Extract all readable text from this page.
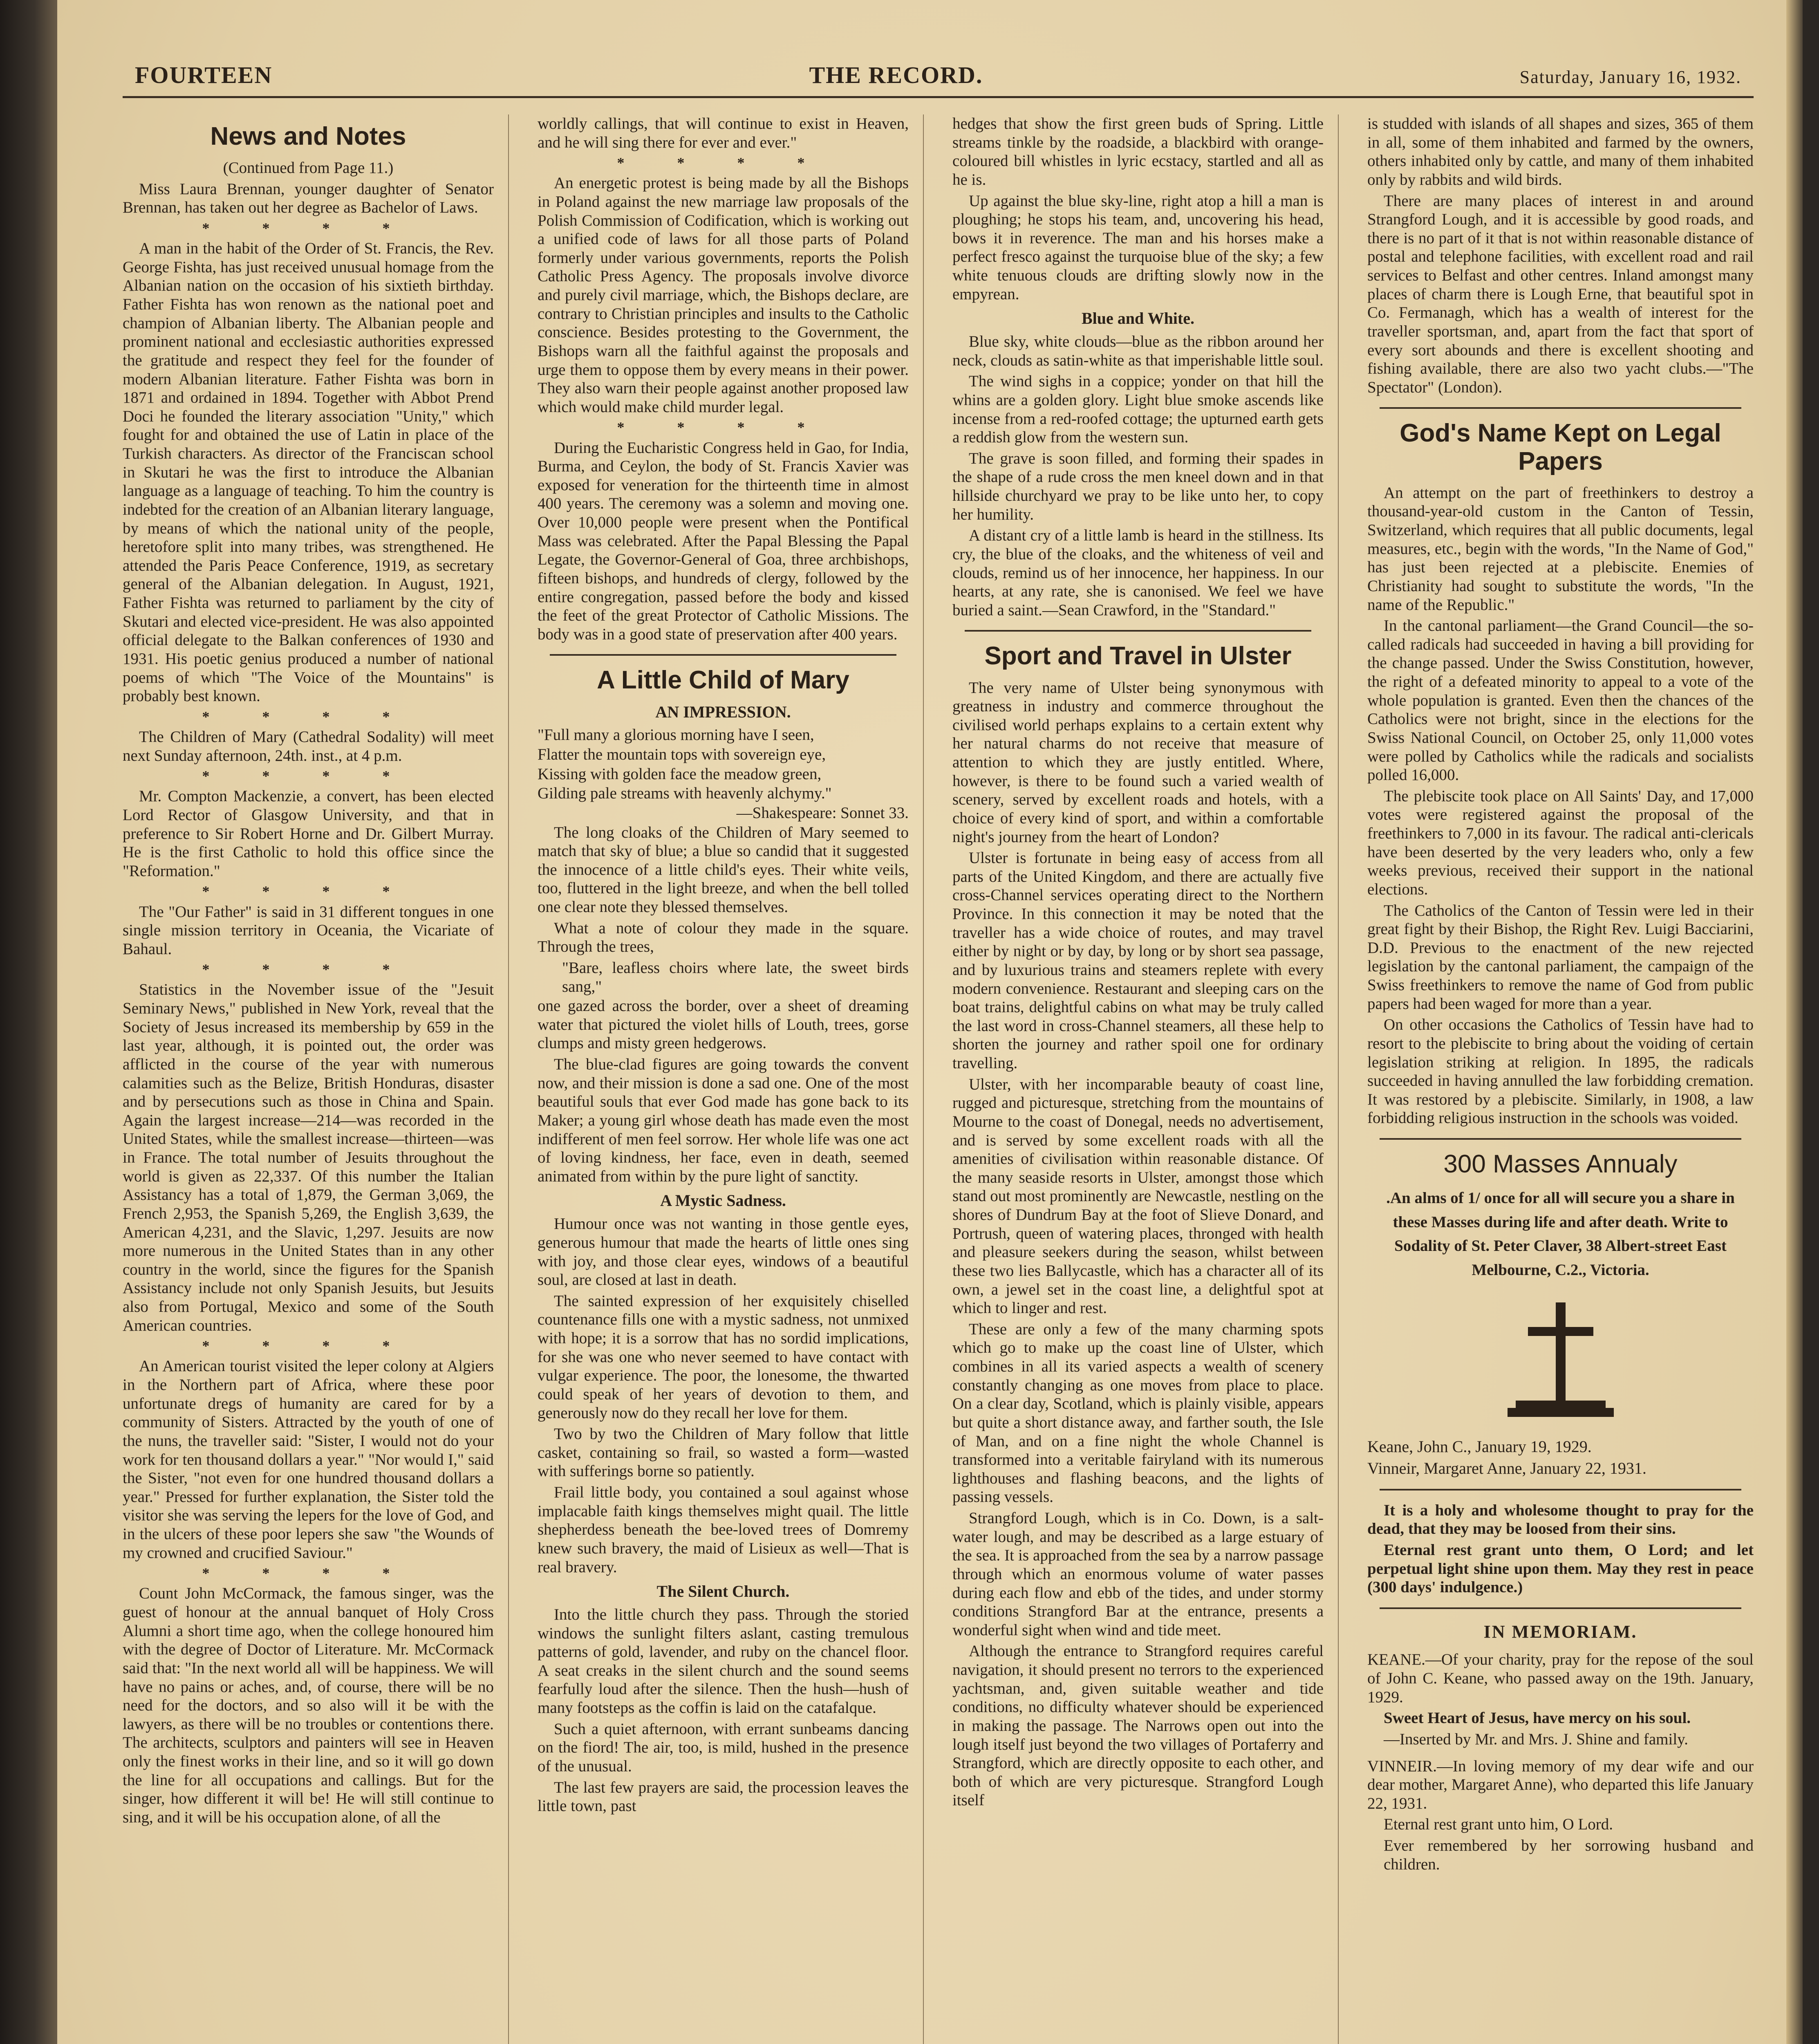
FOURTEEN	THE RECORD.	Saturday, January 16, 1932.
News and Notes

(Continued from Page 11.)

Miss Laura Brennan, younger daughter of Senator Brennan, has taken out her degree as Bachelor of Laws.

* * * *

A man in the habit of the Order of St. Francis, the Rev. George Fishta, has just received unusual homage from the Albanian nation on the occasion of his sixtieth birthday. Father Fishta has won renown as the national poet and champion of Albanian liberty. The Albanian people and prominent national and ecclesiastic authorities expressed the gratitude and respect they feel for the founder of modern Albanian literature. Father Fishta was born in 1871 and ordained in 1894. Together with Abbot Prend Doci he founded the literary association "Unity," which fought for and obtained the use of Latin in place of the Turkish characters. As director of the Franciscan school in Skutari he was the first to introduce the Albanian language as a language of teaching. To him the country is indebted for the creation of an Albanian literary language, by means of which the national unity of the people, heretofore split into many tribes, was strengthened. He attended the Paris Peace Conference, 1919, as secretary general of the Albanian delegation. In August, 1921, Father Fishta was returned to parliament by the city of Skutari and elected vice-president. He was also appointed official delegate to the Balkan conferences of 1930 and 1931. His poetic genius produced a number of national poems of which "The Voice of the Mountains" is probably best known.

* * * *

The Children of Mary (Cathedral Sodality) will meet next Sunday afternoon, 24th. inst., at 4 p.m.

* * * *

Mr. Compton Mackenzie, a convert, has been elected Lord Rector of Glasgow University, and that in preference to Sir Robert Horne and Dr. Gilbert Murray. He is the first Catholic to hold this office since the "Reformation."

* * * *

The "Our Father" is said in 31 different tongues in one single mission territory in Oceania, the Vicariate of Bahaul.

* * * *

Statistics in the November issue of the "Jesuit Seminary News," published in New York, reveal that the Society of Jesus increased its membership by 659 in the last year, although, it is pointed out, the order was afflicted in the course of the year with numerous calamities such as the Belize, British Honduras, disaster and by persecutions such as those in China and Spain. Again the largest increase—214—was recorded in the United States, while the smallest increase—thirteen—was in France. The total number of Jesuits throughout the world is given as 22,337. Of this number the Italian Assistancy has a total of 1,879, the German 3,069, the French 2,953, the Spanish 5,269, the English 3,639, the American 4,231, and the Slavic, 1,297. Jesuits are now more numerous in the United States than in any other country in the world, since the figures for the Spanish Assistancy include not only Spanish Jesuits, but Jesuits also from Portugal, Mexico and some of the South American countries.

* * * *

An American tourist visited the leper colony at Algiers in the Northern part of Africa, where these poor unfortunate dregs of humanity are cared for by a community of Sisters. Attracted by the youth of one of the nuns, the traveller said: "Sister, I would not do your work for ten thousand dollars a year." "Nor would I," said the Sister, "not even for one hundred thousand dollars a year." Pressed for further explanation, the Sister told the visitor she was serving the lepers for the love of God, and in the ulcers of these poor lepers she saw "the Wounds of my crowned and crucified Saviour."

* * * *

Count John McCormack, the famous singer, was the guest of honour at the annual banquet of Holy Cross Alumni a short time ago, when the college honoured him with the degree of Doctor of Literature. Mr. McCormack said that: "In the next world all will be happiness. We will have no pains or aches, and, of course, there will be no need for the doctors, and so also will it be with the lawyers, as there will be no troubles or contentions there. The architects, sculptors and painters will see in Heaven only the finest works in their line, and so it will go down the line for all occupations and callings. But for the singer, how different it will be! He will still continue to sing, and it will be his occupation alone, of all the

worldly callings, that will continue to exist in Heaven, and he will sing there for ever and ever."

* * * *

An energetic protest is being made by all the Bishops in Poland against the new marriage law proposals of the Polish Commission of Codification, which is working out a unified code of laws for all those parts of Poland formerly under various governments, reports the Polish Catholic Press Agency. The proposals involve divorce and purely civil marriage, which, the Bishops declare, are contrary to Christian principles and insults to the Catholic conscience. Besides protesting to the Government, the Bishops warn all the faithful against the proposals and urge them to oppose them by every means in their power. They also warn their people against another proposed law which would make child murder legal.

* * * *

During the Eucharistic Congress held in Gao, for India, Burma, and Ceylon, the body of St. Francis Xavier was exposed for veneration for the thirteenth time in almost 400 years. The ceremony was a solemn and moving one. Over 10,000 people were present when the Pontifical Mass was celebrated. After the Papal Blessing the Papal Legate, the Governor-General of Goa, three archbishops, fifteen bishops, and hundreds of clergy, followed by the entire congregation, passed before the body and kissed the feet of the great Protector of Catholic Missions. The body was in a good state of preservation after 400 years.

A Little Child of Mary
AN IMPRESSION.

"Full many a glorious morning have I seen,

Flatter the mountain tops with sovereign eye,

Kissing with golden face the meadow green,

Gilding pale streams with heavenly alchymy."

—Shakespeare: Sonnet 33.

The long cloaks of the Children of Mary seemed to match that sky of blue; a blue so candid that it suggested the innocence of a little child's eyes. Their white veils, too, fluttered in the light breeze, and when the bell tolled one clear note they blessed themselves.

What a note of colour they made in the square. Through the trees,

"Bare, leafless choirs where late, the sweet birds sang,"

one gazed across the border, over a sheet of dreaming water that pictured the violet hills of Louth, trees, gorse clumps and misty green hedgerows.

The blue-clad figures are going towards the convent now, and their mission is done a sad one. One of the most beautiful souls that ever God made has gone back to its Maker; a young girl whose death has made even the most indifferent of men feel sorrow. Her whole life was one act of loving kindness, her face, even in death, seemed animated from within by the pure light of sanctity.

A Mystic Sadness.

Humour once was not wanting in those gentle eyes, generous humour that made the hearts of little ones sing with joy, and those clear eyes, windows of a beautiful soul, are closed at last in death.

The sainted expression of her exquisitely chiselled countenance fills one with a mystic sadness, not unmixed with hope; it is a sorrow that has no sordid implications, for she was one who never seemed to have contact with vulgar experience. The poor, the lonesome, the thwarted could speak of her years of devotion to them, and generously now do they recall her love for them.

Two by two the Children of Mary follow that little casket, containing so frail, so wasted a form—wasted with sufferings borne so patiently.

Frail little body, you contained a soul against whose implacable faith kings themselves might quail. The little shepherdess beneath the bee-loved trees of Domremy knew such bravery, the maid of Lisieux as well—That is real bravery.

The Silent Church.

Into the little church they pass. Through the storied windows the sunlight filters aslant, casting tremulous patterns of gold, lavender, and ruby on the chancel floor. A seat creaks in the silent church and the sound seems fearfully loud after the silence. Then the hush—hush of many footsteps as the coffin is laid on the catafalque.

Such a quiet afternoon, with errant sunbeams dancing on the fiord! The air, too, is mild, hushed in the presence of the unusual.

The last few prayers are said, the procession leaves the little town, past

hedges that show the first green buds of Spring. Little streams tinkle by the roadside, a blackbird with orange-coloured bill whistles in lyric ecstacy, startled and all as he is.

Up against the blue sky-line, right atop a hill a man is ploughing; he stops his team, and, uncovering his head, bows it in reverence. The man and his horses make a perfect fresco against the turquoise blue of the sky; a few white tenuous clouds are drifting slowly now in the empyrean.

Blue and White.

Blue sky, white clouds—blue as the ribbon around her neck, clouds as satin-white as that imperishable little soul.

The wind sighs in a coppice; yonder on that hill the whins are a golden glory. Light blue smoke ascends like incense from a red-roofed cottage; the upturned earth gets a reddish glow from the western sun.

The grave is soon filled, and forming their spades in the shape of a rude cross the men kneel down and in that hillside churchyard we pray to be like unto her, to copy her humility.

A distant cry of a little lamb is heard in the stillness. Its cry, the blue of the cloaks, and the whiteness of veil and clouds, remind us of her innocence, her happiness. In our hearts, at any rate, she is canonised. We feel we have buried a saint.—Sean Crawford, in the "Standard."

Sport and Travel in Ulster

The very name of Ulster being synonymous with greatness in industry and commerce throughout the civilised world perhaps explains to a certain extent why her natural charms do not receive that measure of attention to which they are justly entitled. Where, however, is there to be found such a varied wealth of scenery, served by excellent roads and hotels, with a choice of every kind of sport, and within a comfortable night's journey from the heart of London?

Ulster is fortunate in being easy of access from all parts of the United Kingdom, and there are actually five cross-Channel services operating direct to the Northern Province. In this connection it may be noted that the traveller has a wide choice of routes, and may travel either by night or by day, by long or by short sea passage, and by luxurious trains and steamers replete with every modern convenience. Restaurant and sleeping cars on the boat trains, delightful cabins on what may be truly called the last word in cross-Channel steamers, all these help to shorten the journey and rather spoil one for ordinary travelling.

Ulster, with her incomparable beauty of coast line, rugged and picturesque, stretching from the mountains of Mourne to the coast of Donegal, needs no advertisement, and is served by some excellent roads with all the amenities of civilisation within reasonable distance. Of the many seaside resorts in Ulster, amongst those which stand out most prominently are Newcastle, nestling on the shores of Dundrum Bay at the foot of Slieve Donard, and Portrush, queen of watering places, thronged with health and pleasure seekers during the season, whilst between these two lies Ballycastle, which has a character all of its own, a jewel set in the coast line, a delightful spot at which to linger and rest.

These are only a few of the many charming spots which go to make up the coast line of Ulster, which combines in all its varied aspects a wealth of scenery constantly changing as one moves from place to place. On a clear day, Scotland, which is plainly visible, appears but quite a short distance away, and farther south, the Isle of Man, and on a fine night the whole Channel is transformed into a veritable fairyland with its numerous lighthouses and flashing beacons, and the lights of passing vessels.

Strangford Lough, which is in Co. Down, is a salt-water lough, and may be described as a large estuary of the sea. It is approached from the sea by a narrow passage through which an enormous volume of water passes during each flow and ebb of the tides, and under stormy conditions Strangford Bar at the entrance, presents a wonderful sight when wind and tide meet.

Although the entrance to Strangford requires careful navigation, it should present no terrors to the experienced yachtsman, and, given suitable weather and tide conditions, no difficulty whatever should be experienced in making the passage. The Narrows open out into the lough itself just beyond the two villages of Portaferry and Strangford, which are directly opposite to each other, and both of which are very picturesque. Strangford Lough itself

is studded with islands of all shapes and sizes, 365 of them in all, some of them inhabited and farmed by the owners, others inhabited only by cattle, and many of them inhabited only by rabbits and wild birds.

There are many places of interest in and around Strangford Lough, and it is accessible by good roads, and there is no part of it that is not within reasonable distance of postal and telephone facilities, with excellent road and rail services to Belfast and other centres. Inland amongst many places of charm there is Lough Erne, that beautiful spot in Co. Fermanagh, which has a wealth of interest for the traveller sportsman, and, apart from the fact that sport of every sort abounds and there is excellent shooting and fishing available, there are also two yacht clubs.—"The Spectator" (London).

God's Name Kept on Legal Papers

An attempt on the part of freethinkers to destroy a thousand-year-old custom in the Canton of Tessin, Switzerland, which requires that all public documents, legal measures, etc., begin with the words, "In the Name of God," has just been rejected at a plebiscite. Enemies of Christianity had sought to substitute the words, "In the name of the Republic."

In the cantonal parliament—the Grand Council—the so-called radicals had succeeded in having a bill providing for the change passed. Under the Swiss Constitution, however, the right of a defeated minority to appeal to a vote of the whole population is granted. Even then the chances of the Catholics were not bright, since in the elections for the Swiss National Council, on October 25, only 11,000 votes were polled by Catholics while the radicals and socialists polled 16,000.

The plebiscite took place on All Saints' Day, and 17,000 votes were registered against the proposal of the freethinkers to 7,000 in its favour. The radical anti-clericals have been deserted by the very leaders who, only a few weeks previous, received their support in the national elections.

The Catholics of the Canton of Tessin were led in their great fight by their Bishop, the Right Rev. Luigi Bacciarini, D.D. Previous to the enactment of the new rejected legislation by the cantonal parliament, the campaign of the Swiss freethinkers to remove the name of God from public papers had been waged for more than a year.

On other occasions the Catholics of Tessin have had to resort to the plebiscite to bring about the voiding of certain legislation striking at religion. In 1895, the radicals succeeded in having annulled the law forbidding cremation. It was restored by a plebiscite. Similarly, in 1908, a law forbidding religious instruction in the schools was voided.

300 Masses Annualy

.An alms of 1/ once for all will secure you a share in these Masses during life and after death. Write to Sodality of St. Peter Claver, 38 Albert-street East Melbourne, C.2., Victoria.

Keane, John C., January 19, 1929.

Vinneir, Margaret Anne, January 22, 1931.

It is a holy and wholesome thought to pray for the dead, that they may be loosed from their sins.

Eternal rest grant unto them, O Lord; and let perpetual light shine upon them. May they rest in peace (300 days' indulgence.)

IN MEMORIAM.

KEANE.—Of your charity, pray for the repose of the soul of John C. Keane, who passed away on the 19th. January, 1929.

Sweet Heart of Jesus, have mercy on his soul.

—Inserted by Mr. and Mrs. J. Shine and family.

VINNEIR.—In loving memory of my dear wife and our dear mother, Margaret Anne), who departed this life January 22, 1931.

Eternal rest grant unto him, O Lord.

Ever remembered by her sorrowing husband and children.
